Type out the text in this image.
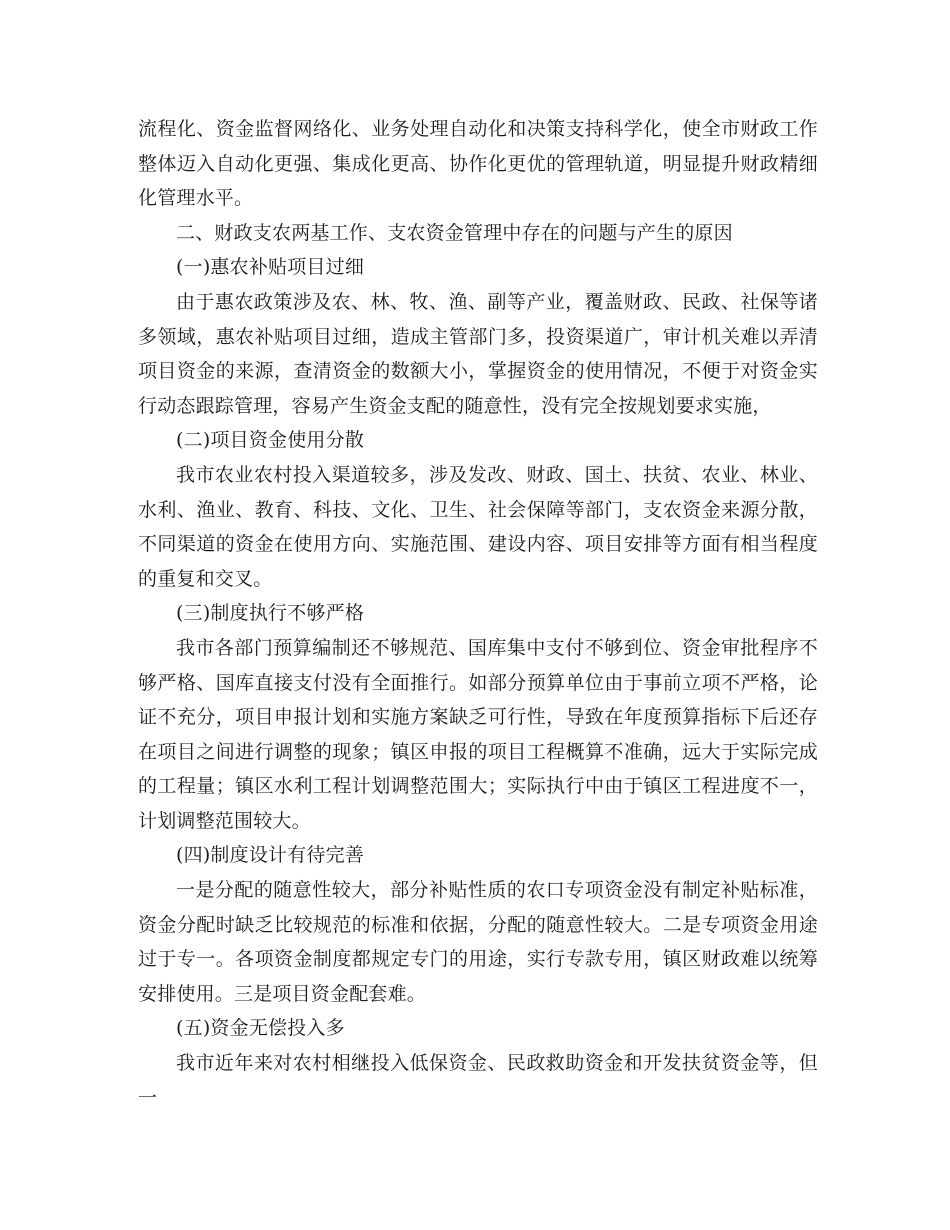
流程化、资金监督网络化、业务处理自动化和决策支持科学化，使全市财政工作整体迈入自动化更强、集成化更高、协作化更优的管理轨道，明显提升财政精细化管理水平。

二、财政支农两基工作、支农资金管理中存在的问题与产生的原因

(一)惠农补贴项目过细

由于惠农政策涉及农、林、牧、渔、副等产业，覆盖财政、民政、社保等诸多领域，惠农补贴项目过细，造成主管部门多，投资渠道广，审计机关难以弄清项目资金的来源，查清资金的数额大小，掌握资金的使用情况，不便于对资金实行动态跟踪管理，容易产生资金支配的随意性，没有完全按规划要求实施，

(二)项目资金使用分散

我市农业农村投入渠道较多，涉及发改、财政、国土、扶贫、农业、林业、水利、渔业、教育、科技、文化、卫生、社会保障等部门，支农资金来源分散，不同渠道的资金在使用方向、实施范围、建设内容、项目安排等方面有相当程度的重复和交叉。

(三)制度执行不够严格

我市各部门预算编制还不够规范、国库集中支付不够到位、资金审批程序不够严格、国库直接支付没有全面推行。如部分预算单位由于事前立项不严格，论证不充分，项目申报计划和实施方案缺乏可行性，导致在年度预算指标下后还存在项目之间进行调整的现象；镇区申报的项目工程概算不准确，远大于实际完成的工程量；镇区水利工程计划调整范围大；实际执行中由于镇区工程进度不一，计划调整范围较大。

(四)制度设计有待完善

一是分配的随意性较大，部分补贴性质的农口专项资金没有制定补贴标准，资金分配时缺乏比较规范的标准和依据，分配的随意性较大。二是专项资金用途过于专一。各项资金制度都规定专门的用途，实行专款专用，镇区财政难以统筹安排使用。三是项目资金配套难。

(五)资金无偿投入多

我市近年来对农村相继投入低保资金、民政救助资金和开发扶贫资金等，但一
